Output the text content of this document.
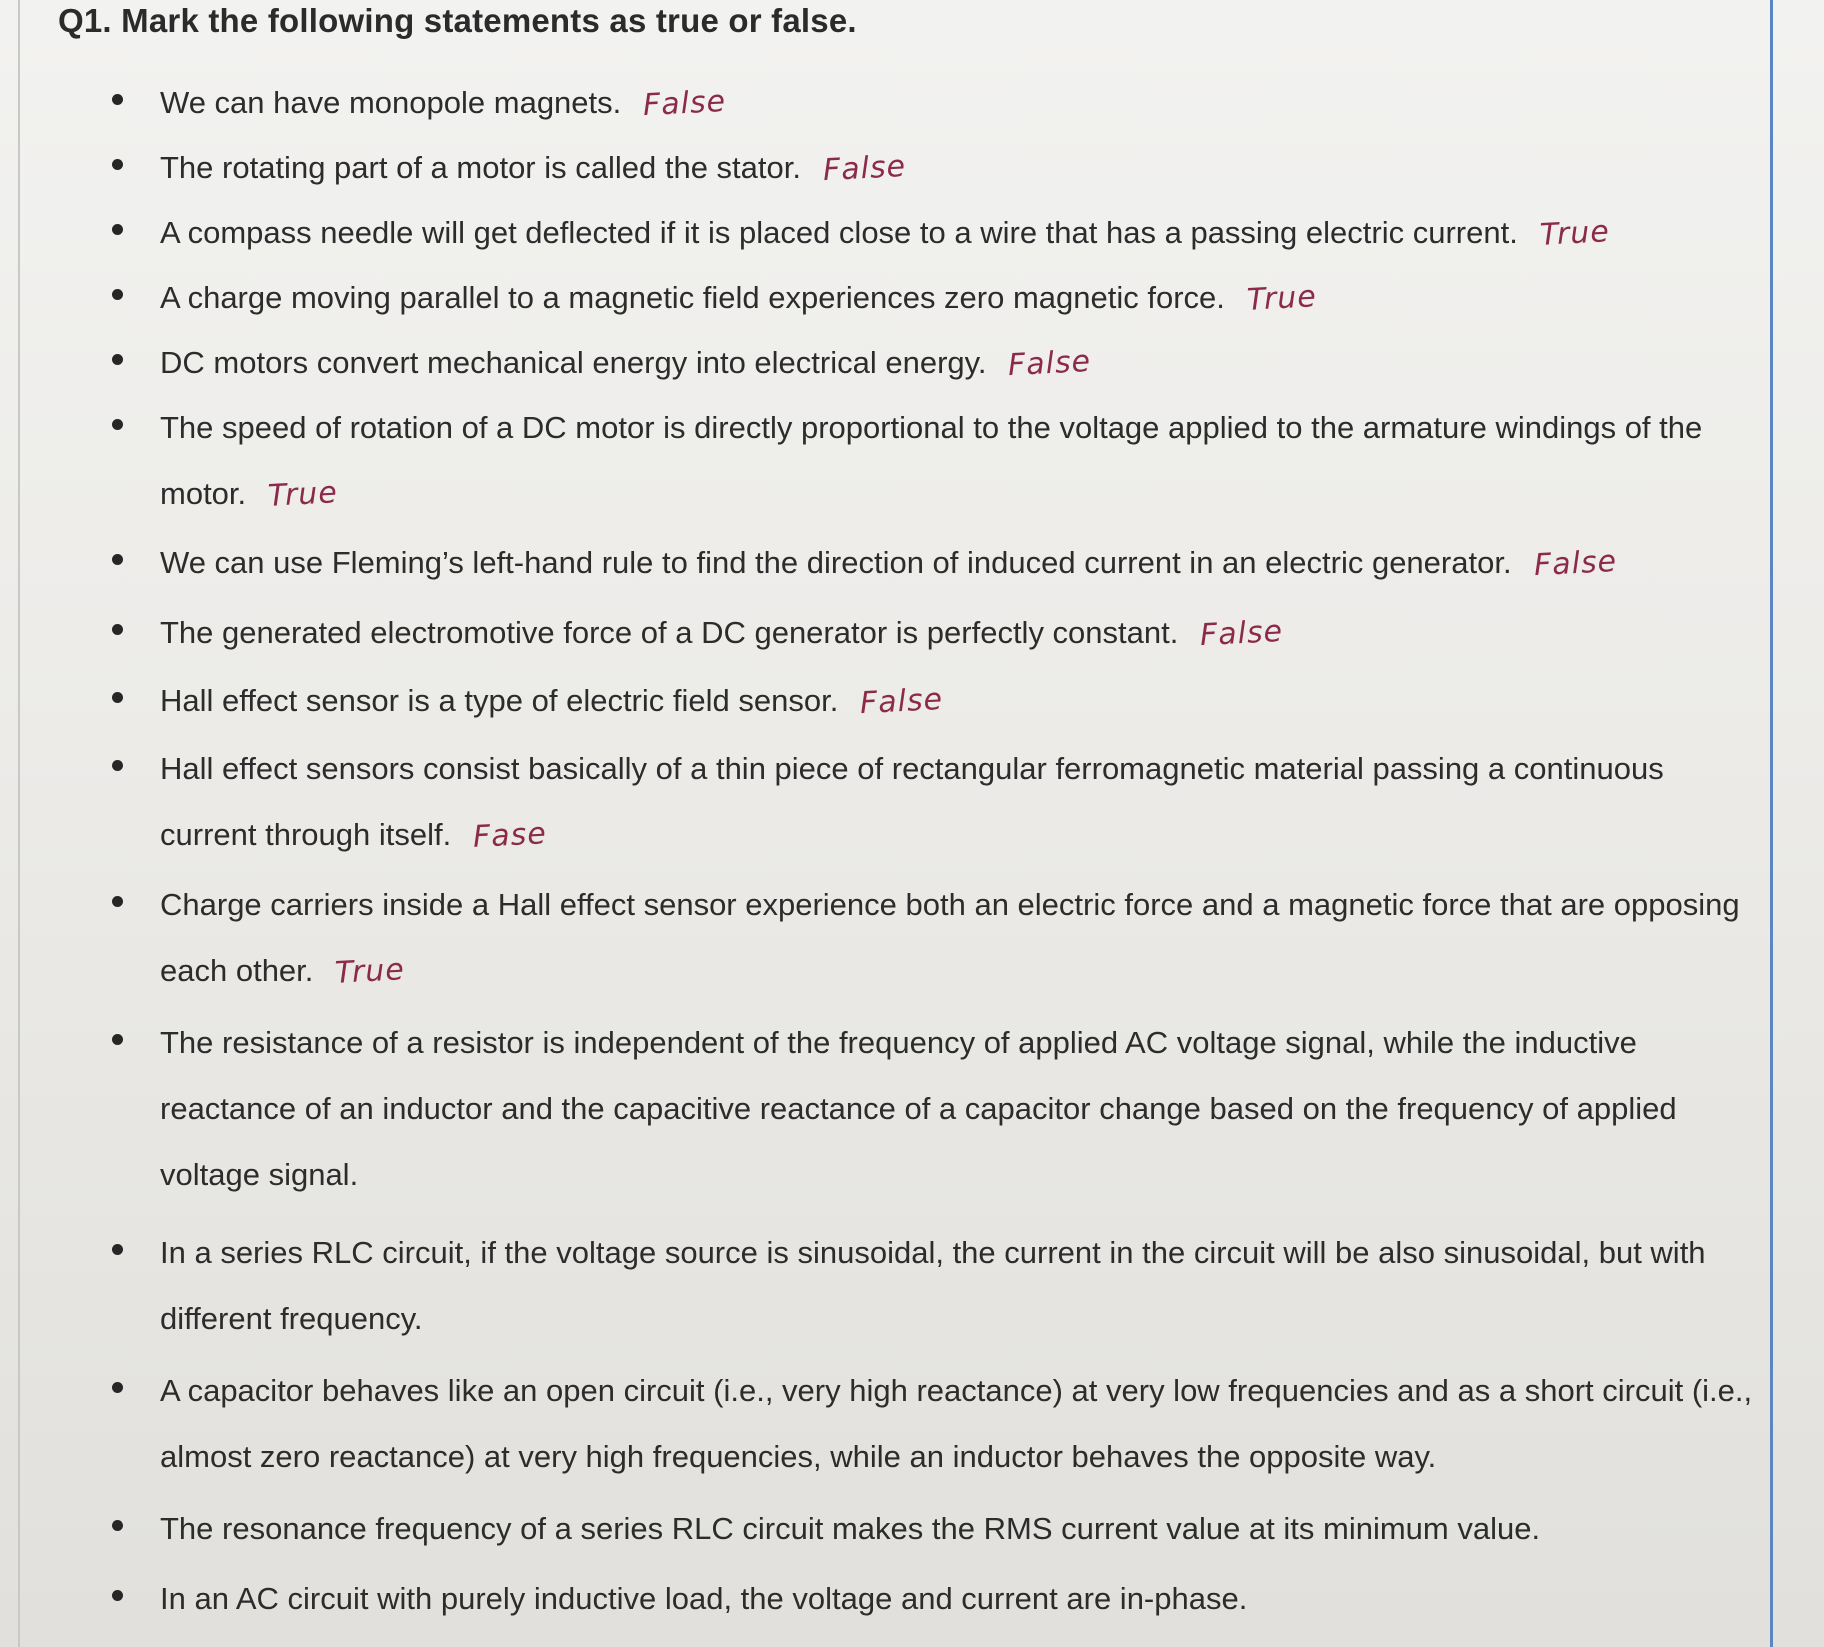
Q1. Mark the following statements as true or false.
We can have monopole magnets. False
The rotating part of a motor is called the stator. False
A compass needle will get deflected if it is placed close to a wire that has a passing electric current. True
A charge moving parallel to a magnetic field experiences zero magnetic force. True
DC motors convert mechanical energy into electrical energy. False
The speed of rotation of a DC motor is directly proportional to the voltage applied to the armature windings of the motor. True
We can use Fleming’s left-hand rule to find the direction of induced current in an electric generator. False
The generated electromotive force of a DC generator is perfectly constant. False
Hall effect sensor is a type of electric field sensor. False
Hall effect sensors consist basically of a thin piece of rectangular ferromagnetic material passing a continuous current through itself. Fase
Charge carriers inside a Hall effect sensor experience both an electric force and a magnetic force that are opposing each other. True
The resistance of a resistor is independent of the frequency of applied AC voltage signal, while the inductive reactance of an inductor and the capacitive reactance of a capacitor change based on the frequency of applied voltage signal.
In a series RLC circuit, if the voltage source is sinusoidal, the current in the circuit will be also sinusoidal, but with different frequency.
A capacitor behaves like an open circuit (i.e., very high reactance) at very low frequencies and as a short circuit (i.e., almost zero reactance) at very high frequencies, while an inductor behaves the opposite way.
The resonance frequency of a series RLC circuit makes the RMS current value at its minimum value.
In an AC circuit with purely inductive load, the voltage and current are in-phase.
